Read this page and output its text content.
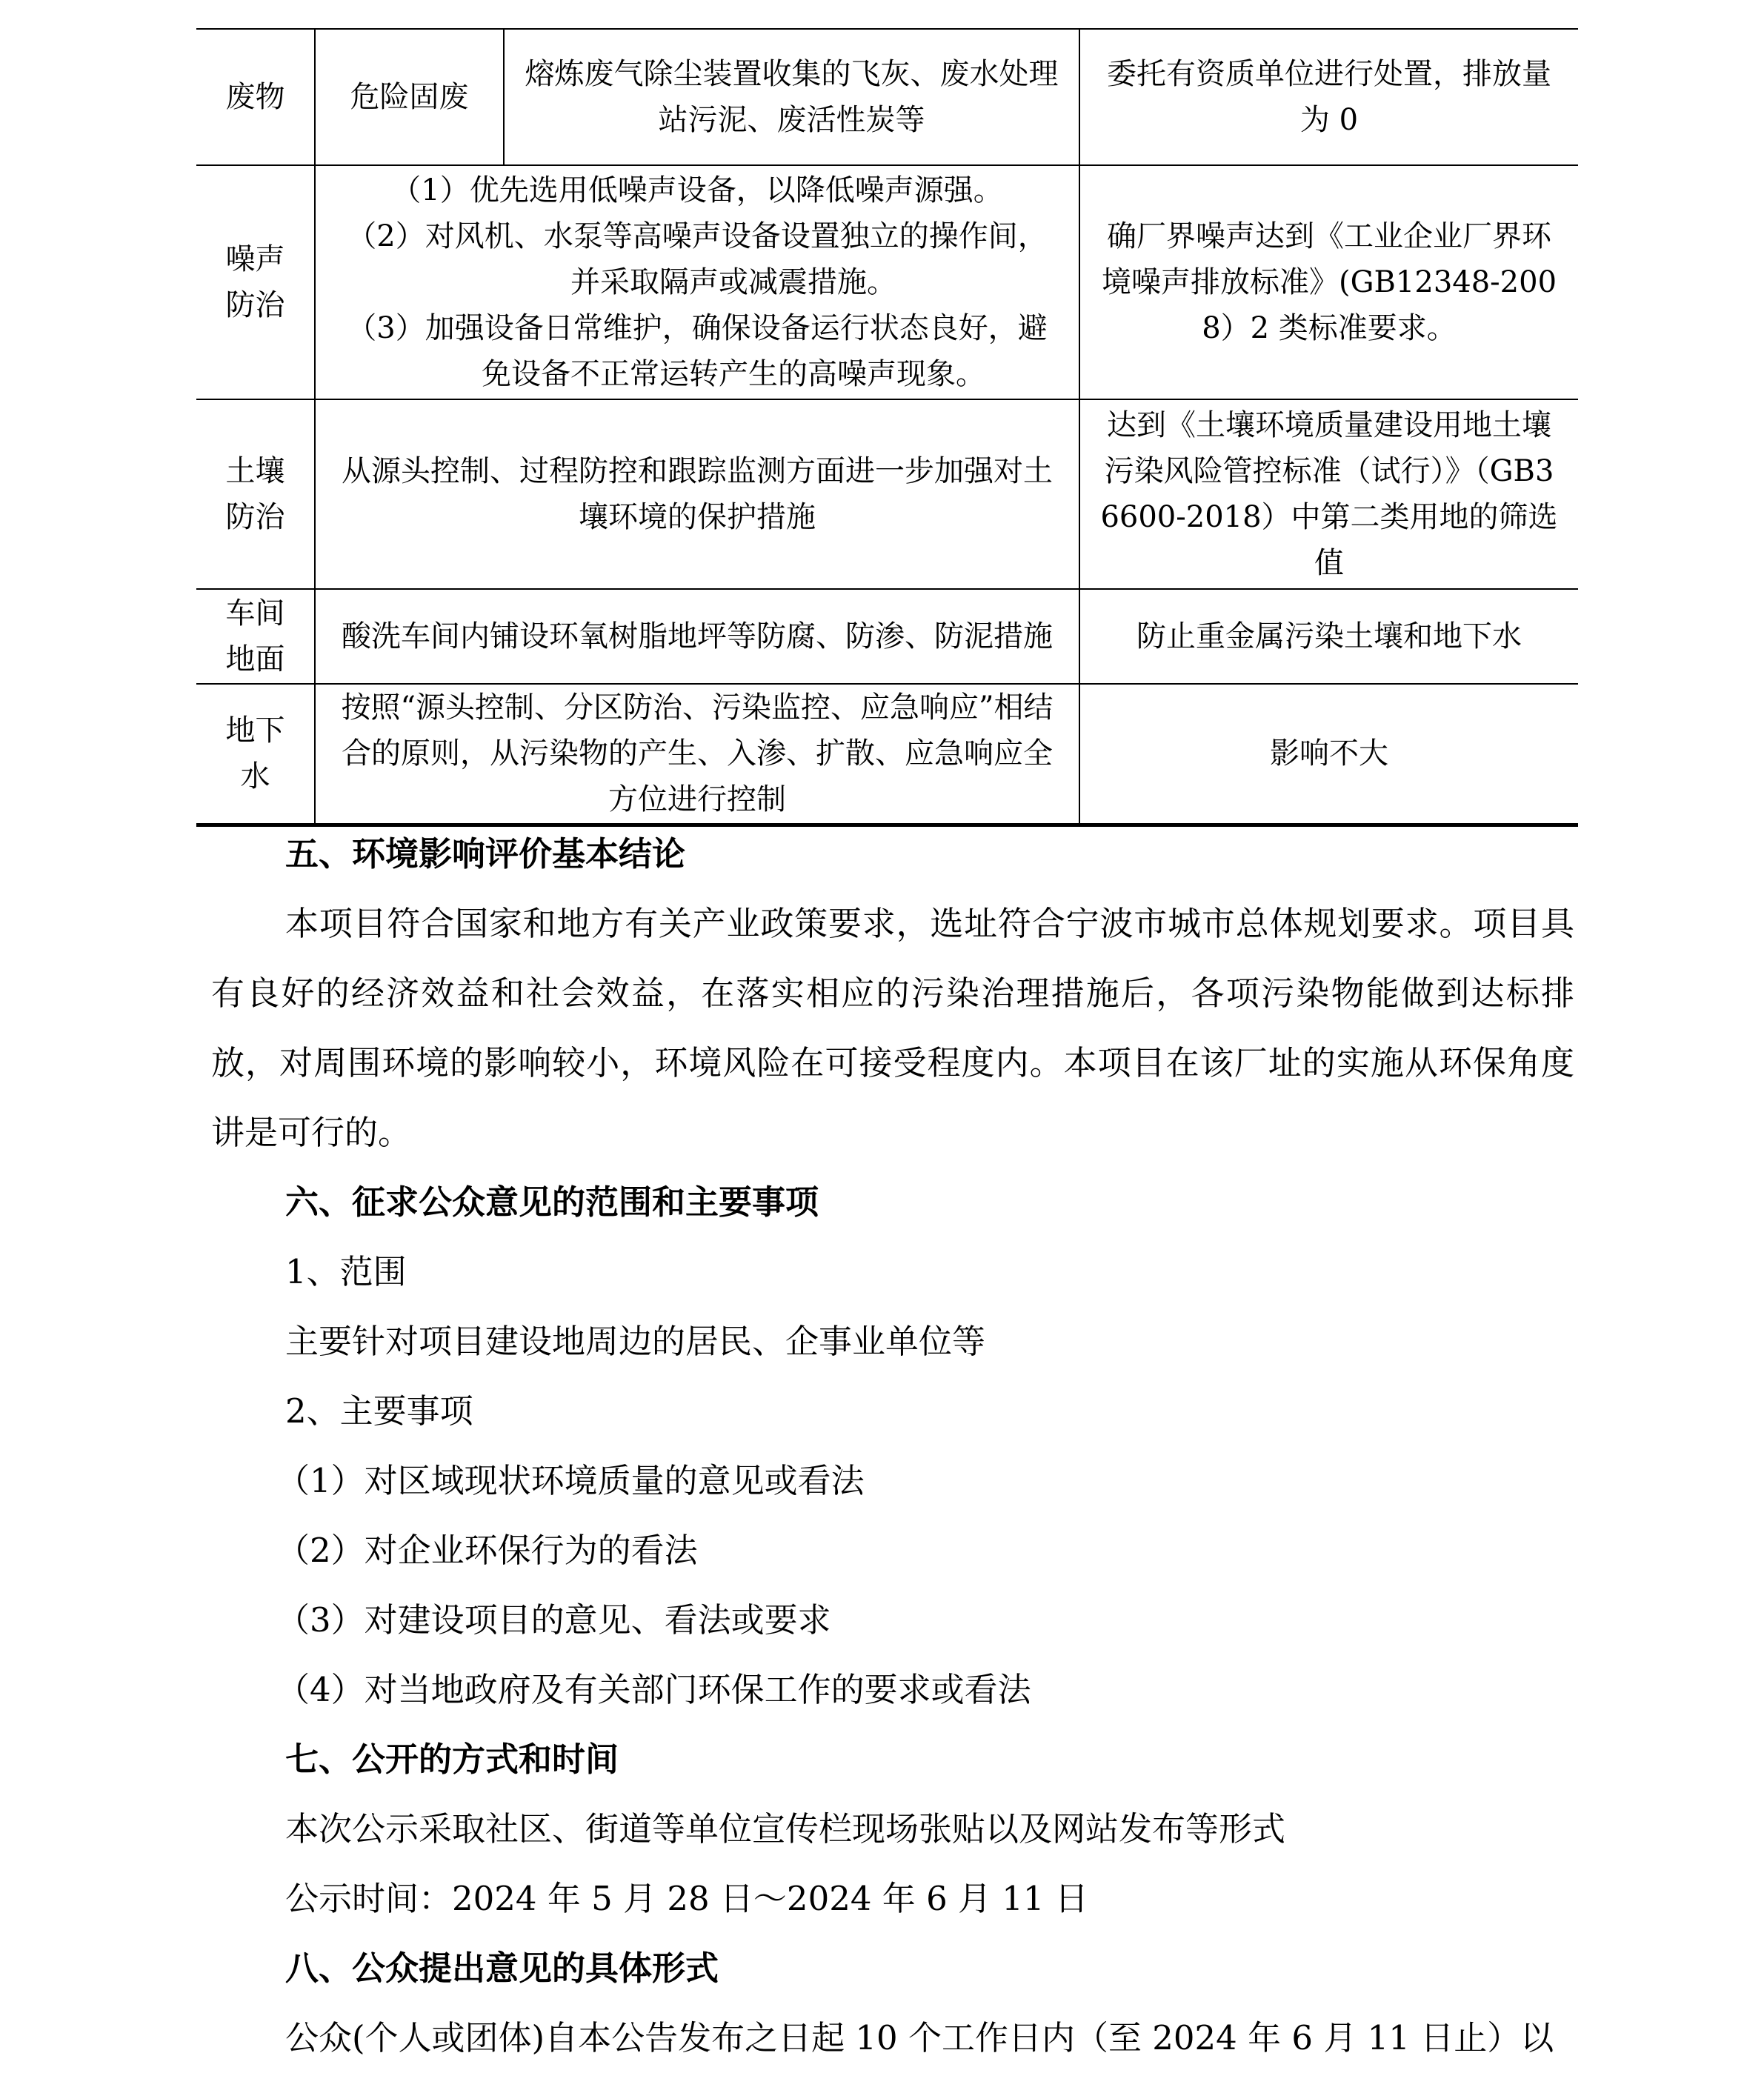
废物	危险固废	熔炼废气除尘装置收集的飞灰、废水处理站污泥、废活性炭等	委托有资质单位进行处置，排放量为 0

噪声
防治	（1）优先选用低噪声设备，以降低噪声源强。
（2）对风机、水泵等高噪声设备设置独立的操作间，
并采取隔声或减震措施。
（3）加强设备日常维护，确保设备运行状态良好，避
免设备不正常运转产生的高噪声现象。		确厂界噪声达到《工业企业厂界环境噪声排放标准》(GB12348-2008）2 类标准要求。

土壤
防治	从源头控制、过程防控和跟踪监测方面进一步加强对土壤环境的保护措施		达到《土壤环境质量建设用地土壤污染风险管控标准（试行）》（GB36600-2018）中第二类用地的筛选值

车间
地面	酸洗车间内铺设环氧树脂地坪等防腐、防渗、防泥措施		防止重金属污染土壤和地下水

地下
水	按照“源头控制、分区防治、污染监控、应急响应”相结合的原则，从污染物的产生、入渗、扩散、应急响应全方位进行控制		影响不大

五、环境影响评价基本结论

本项目符合国家和地方有关产业政策要求，选址符合宁波市城市总体规划要求。项目具有良好的经济效益和社会效益，在落实相应的污染治理措施后，各项污染物能做到达标排放，对周围环境的影响较小，环境风险在可接受程度内。本项目在该厂址的实施从环保角度讲是可行的。

六、征求公众意见的范围和主要事项

1、范围

主要针对项目建设地周边的居民、企事业单位等

2、主要事项

（1）对区域现状环境质量的意见或看法

（2）对企业环保行为的看法

（3）对建设项目的意见、看法或要求

（4）对当地政府及有关部门环保工作的要求或看法

七、公开的方式和时间

本次公示采取社区、街道等单位宣传栏现场张贴以及网站发布等形式

公示时间：2024 年 5 月 28 日～2024 年 6 月 11 日

八、公众提出意见的具体形式

公众(个人或团体)自本公告发布之日起 10 个工作日内（至 2024 年 6 月 11 日止）以
